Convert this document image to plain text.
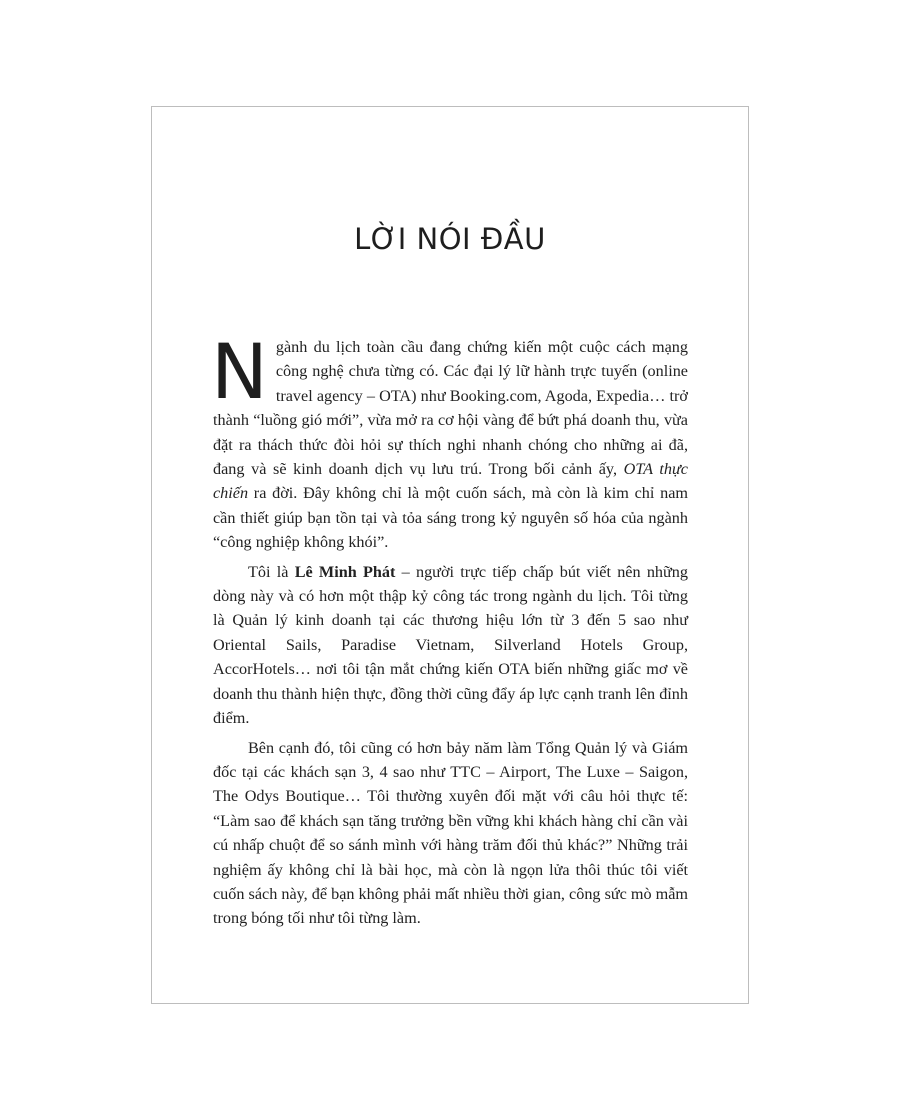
LỜI NÓI ĐẦU

Ngành du lịch toàn cầu đang chứng kiến một cuộc cách mạng công nghệ chưa từng có. Các đại lý lữ hành trực tuyến (online travel agency – OTA) như Booking.com, Agoda, Expedia… trở thành “luồng gió mới”, vừa mở ra cơ hội vàng để bứt phá doanh thu, vừa đặt ra thách thức đòi hỏi sự thích nghi nhanh chóng cho những ai đã, đang và sẽ kinh doanh dịch vụ lưu trú. Trong bối cảnh ấy, OTA thực chiến ra đời. Đây không chỉ là một cuốn sách, mà còn là kim chỉ nam cần thiết giúp bạn tồn tại và tỏa sáng trong kỷ nguyên số hóa của ngành “công nghiệp không khói”.

Tôi là Lê Minh Phát – người trực tiếp chấp bút viết nên những dòng này và có hơn một thập kỷ công tác trong ngành du lịch. Tôi từng là Quản lý kinh doanh tại các thương hiệu lớn từ 3 đến 5 sao như Oriental Sails, Paradise Vietnam, Silverland Hotels Group, AccorHotels… nơi tôi tận mắt chứng kiến OTA biến những giấc mơ về doanh thu thành hiện thực, đồng thời cũng đẩy áp lực cạnh tranh lên đỉnh điểm.

Bên cạnh đó, tôi cũng có hơn bảy năm làm Tổng Quản lý và Giám đốc tại các khách sạn 3, 4 sao như TTC – Airport, The Luxe – Saigon, The Odys Boutique… Tôi thường xuyên đối mặt với câu hỏi thực tế: “Làm sao để khách sạn tăng trưởng bền vững khi khách hàng chỉ cần vài cú nhấp chuột để so sánh mình với hàng trăm đối thủ khác?” Những trải nghiệm ấy không chỉ là bài học, mà còn là ngọn lửa thôi thúc tôi viết cuốn sách này, để bạn không phải mất nhiều thời gian, công sức mò mẫm trong bóng tối như tôi từng làm.
